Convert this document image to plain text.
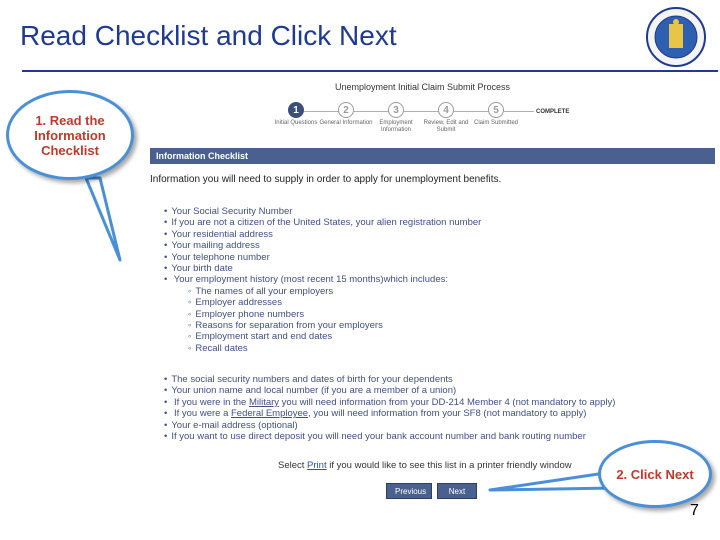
Read Checklist and Click Next
Unemployment Initial Claim Submit Process
1
Initial Questions
2
General Information
3
Employment Information
4
Review, Edit and Submit
5
Claim Submitted
COMPLETE
Information Checklist
Information you will need to supply in order to apply for unemployment benefits.
• Your Social Security Number
• If you are not a citizen of the United States, your alien registration number
• Your residential address
• Your mailing address
• Your telephone number
• Your birth date
• Your employment history (most recent 15 months)which includes:
◦ The names of all your employers
◦ Employer addresses
◦ Employer phone numbers
◦ Reasons for separation from your employers
◦ Employment start and end dates
◦ Recall dates
• The social security numbers and dates of birth for your dependents
• Your union name and local number (if you are a member of a union)
• If you were in the Military you will need information from your DD-214 Member 4 (not mandatory to apply)
• If you were a Federal Employee, you will need information from your SF8 (not mandatory to apply)
• Your e-mail address (optional)
• If you want to use direct deposit you will need your bank account number and bank routing number
Select Print if you would like to see this list in a printer friendly window
Previous	Next
1. Read the Information Checklist
2. Click Next
7
